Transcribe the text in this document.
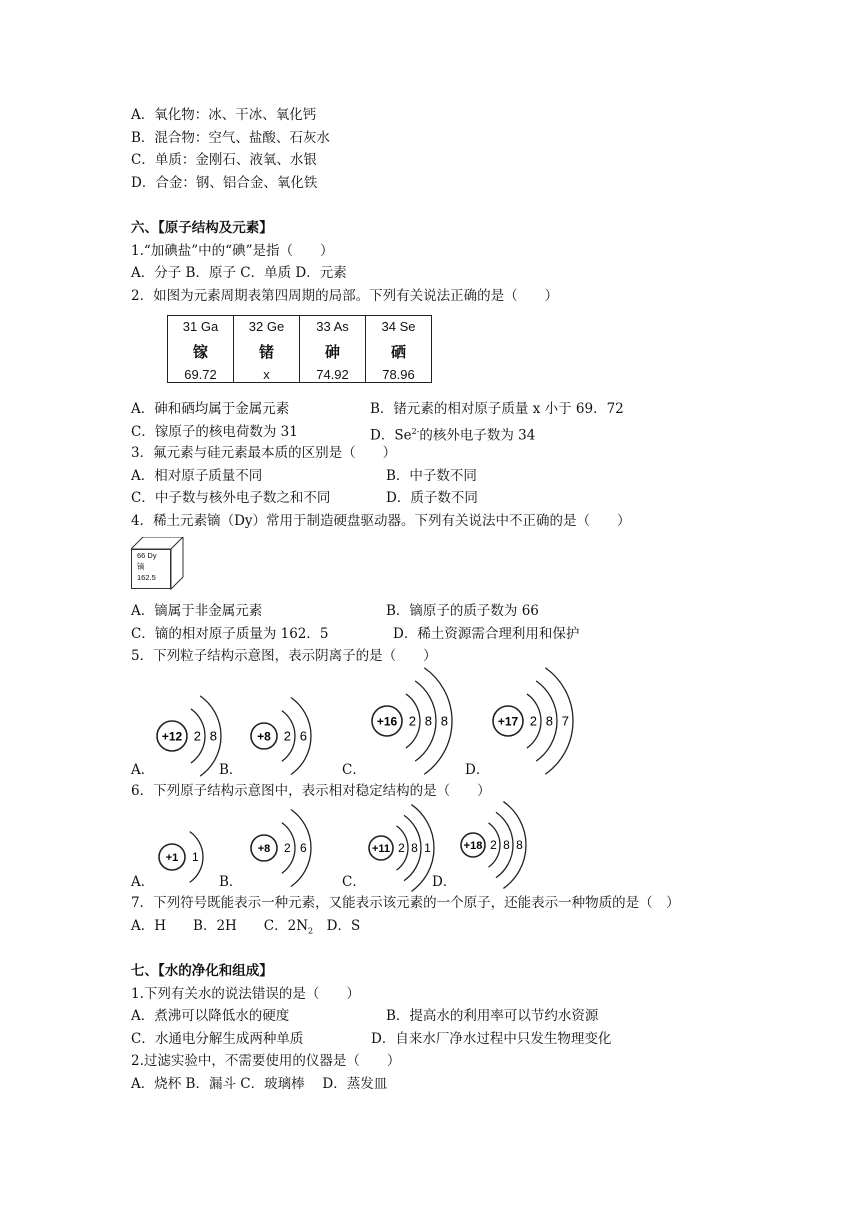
A．氧化物：冰、干冰、氧化钙
B．混合物：空气、盐酸、石灰水
C．单质：金刚石、液氧、水银
D．合金：钢、铝合金、氧化铁
六、【原子结构及元素】
1.“加碘盐”中的“碘”是指（　　）
A．分子 B．原子 C．单质 D．元素
2．如图为元素周期表第四周期的局部。下列有关说法正确的是（　　）
31 Ga
镓
69.72

32 Ge
锗
x

33 As
砷
74.92

34 Se
硒
78.96
A．砷和硒均属于金属元素	B．锗元素的相对原子质量 x 小于 69．72
C．镓原子的核电荷数为 31	D．$Se^{2-}$的核外电子数为 34
3．氟元素与硅元素最本质的区别是（　　）
A．相对原子质量不同	B．中子数不同
C．中子数与核外电子数之和不同	D．质子数不同
4．稀土元素镝（Dy）常用于制造硬盘驱动器。下列有关说法中不正确的是（　　）
66 Dy
镝
162.5
A．镝属于非金属元素	B．镝原子的质子数为 66
C．镝的相对原子质量为 162．5	D．稀土资源需合理利用和保护
5．下列粒子结构示意图，表示阴离子的是（　　）
+12 2 8	+8 2 6
+16 2 8 8	+17 2 8 7
+1 1
+8 2 6	+11 2 8 1	+18 2 8 8
A．	B．	C．	D．
6．下列原子结构示意图中，表示相对稳定结构的是（　　）
A．	B．	C．	D．
7．下列符号既能表示一种元素，又能表示该元素的一个原子，还能表示一种物质的是（　）
A．H　　B．2H　　C．$2N_2$　D．S
七、【水的净化和组成】
1.下列有关水的说法错误的是（　　）
A．煮沸可以降低水的硬度	B．提高水的利用率可以节约水资源
C．水通电分解生成两种单质	D．自来水厂净水过程中只发生物理变化
2.过滤实验中，不需要使用的仪器是（　　）
A．烧杯 B．漏斗 C．玻璃棒　 D．蒸发皿
